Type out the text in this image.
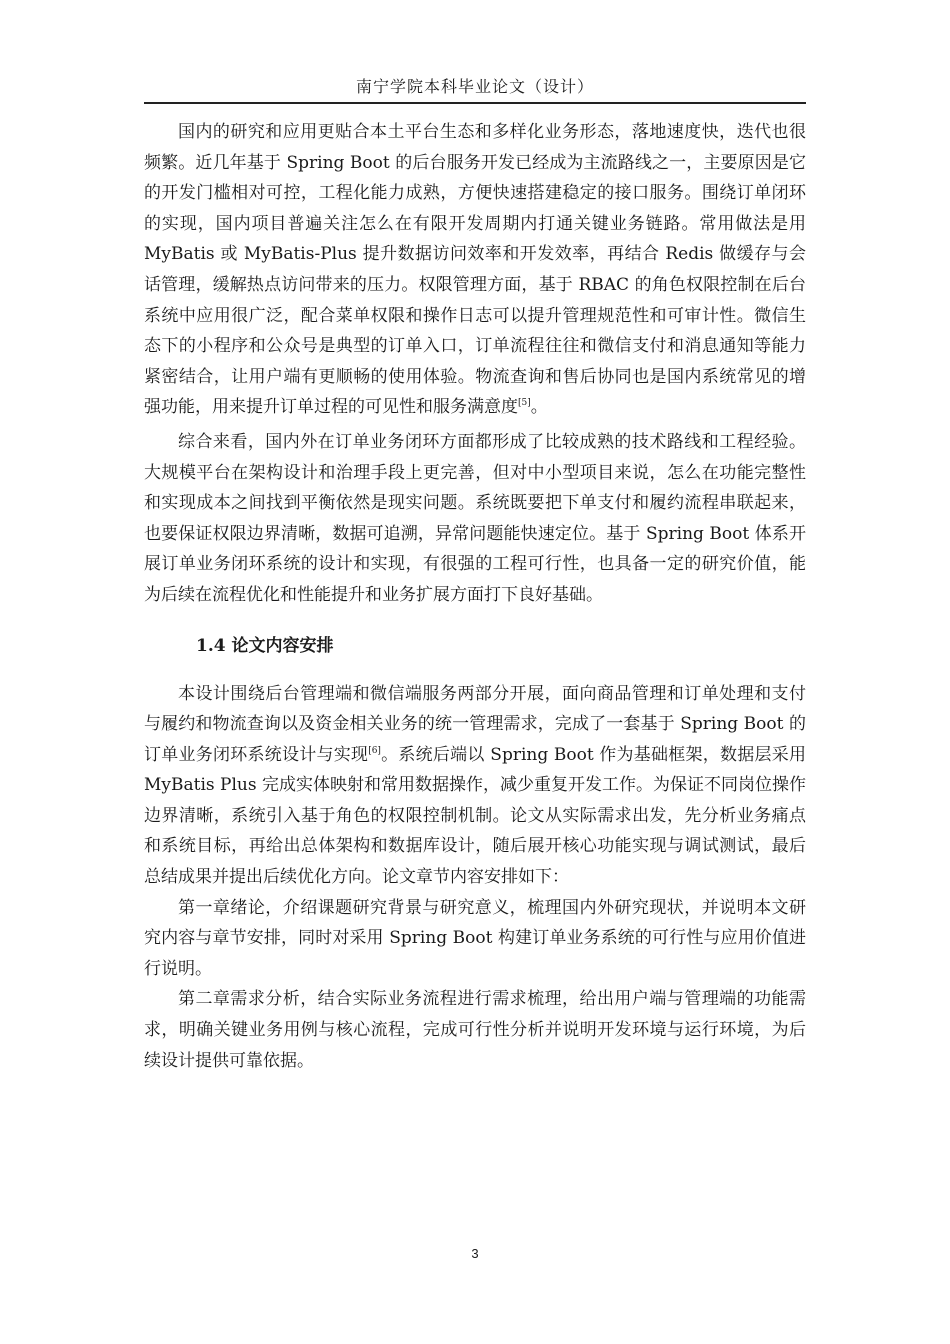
南宁学院本科毕业论文（设计）

国内的研究和应用更贴合本土平台生态和多样化业务形态，落地速度快，迭代也很频繁。近几年基于 Spring Boot 的后台服务开发已经成为主流路线之一，主要原因是它的开发门槛相对可控，工程化能力成熟，方便快速搭建稳定的接口服务。围绕订单闭环的实现，国内项目普遍关注怎么在有限开发周期内打通关键业务链路。常用做法是用 MyBatis 或 MyBatis-Plus 提升数据访问效率和开发效率，再结合 Redis 做缓存与会话管理，缓解热点访问带来的压力。权限管理方面，基于 RBAC 的角色权限控制在后台系统中应用很广泛，配合菜单权限和操作日志可以提升管理规范性和可审计性。微信生态下的小程序和公众号是典型的订单入口，订单流程往往和微信支付和消息通知等能力紧密结合，让用户端有更顺畅的使用体验。物流查询和售后协同也是国内系统常见的增强功能，用来提升订单过程的可见性和服务满意度[5]。

综合来看，国内外在订单业务闭环方面都形成了比较成熟的技术路线和工程经验。大规模平台在架构设计和治理手段上更完善，但对中小型项目来说，怎么在功能完整性和实现成本之间找到平衡依然是现实问题。系统既要把下单支付和履约流程串联起来，也要保证权限边界清晰，数据可追溯，异常问题能快速定位。基于 Spring Boot 体系开展订单业务闭环系统的设计和实现，有很强的工程可行性，也具备一定的研究价值，能为后续在流程优化和性能提升和业务扩展方面打下良好基础。

1.4 论文内容安排

本设计围绕后台管理端和微信端服务两部分开展，面向商品管理和订单处理和支付与履约和物流查询以及资金相关业务的统一管理需求，完成了一套基于 Spring Boot 的订单业务闭环系统设计与实现[6]。系统后端以 Spring Boot 作为基础框架，数据层采用 MyBatis Plus 完成实体映射和常用数据操作，减少重复开发工作。为保证不同岗位操作边界清晰，系统引入基于角色的权限控制机制。论文从实际需求出发，先分析业务痛点和系统目标，再给出总体架构和数据库设计，随后展开核心功能实现与调试测试，最后总结成果并提出后续优化方向。论文章节内容安排如下：

第一章绪论，介绍课题研究背景与研究意义，梳理国内外研究现状，并说明本文研究内容与章节安排，同时对采用 Spring Boot 构建订单业务系统的可行性与应用价值进行说明。

第二章需求分析，结合实际业务流程进行需求梳理，给出用户端与管理端的功能需求，明确关键业务用例与核心流程，完成可行性分析并说明开发环境与运行环境，为后续设计提供可靠依据。

3
